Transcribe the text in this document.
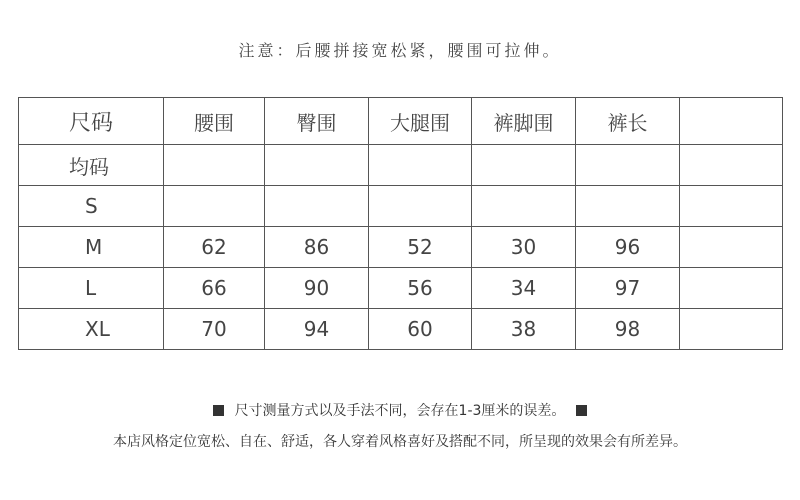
注意：后腰拼接宽松紧，腰围可拉伸。
尺码	腰围	臀围	大腿围	裤脚围	裤长	
均码						
S						
M	62	86	52	30	96	
L	66	90	56	34	97	
XL	70	94	60	38	98	
尺寸测量方式以及手法不同，会存在1-3厘米的误差。
本店风格定位宽松、自在、舒适，各人穿着风格喜好及搭配不同，所呈现的效果会有所差异。
